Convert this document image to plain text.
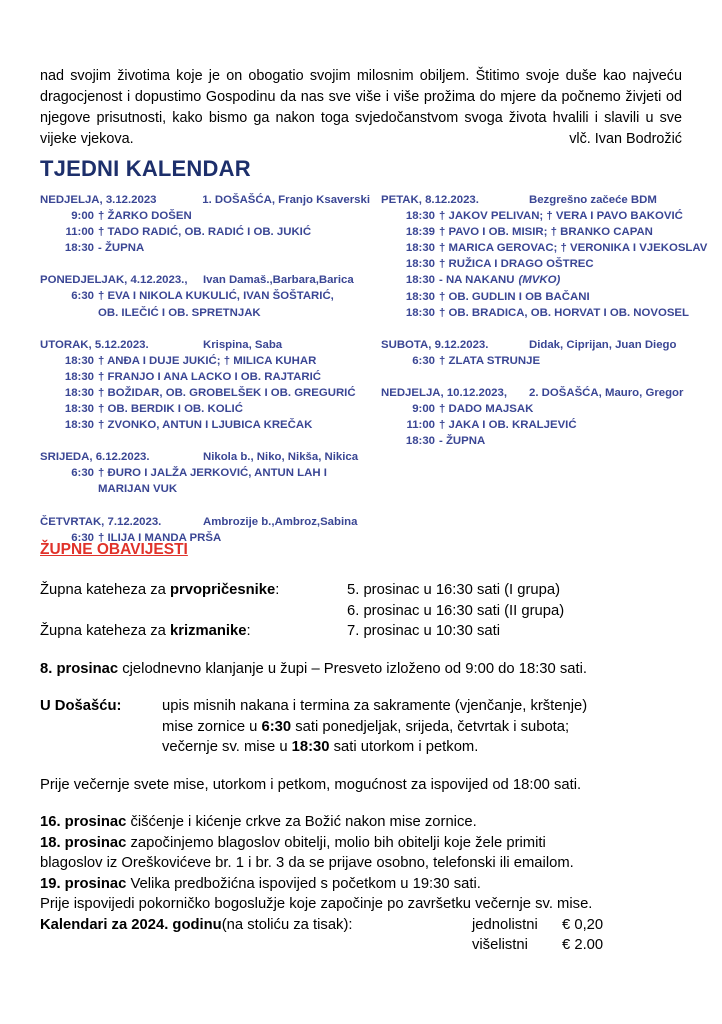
nad svojim životima koje je on obogatio svojim milosnim obiljem. Štitimo svoje duše kao najveću dragocjenost i dopustimo Gospodinu da nas sve više i više prožima do mjere da počnemo živjeti od njegove prisutnosti, kako bismo ga nakon toga svjedočanstvom svoga života hvalili i slavili u sve vijeke vjekova.	vlč. Ivan Bodrožić
TJEDNI KALENDAR
NEDJELJA, 3.12.2023	1. DOŠAŠĆA, Franjo Ksaverski
9:00 † ŽARKO DOŠEN
11:00 † TADO RADIĆ, OB. RADIĆ I OB. JUKIĆ
18:30 - ŽUPNA
PONEDJELJAK, 4.12.2023.,	Ivan Damaš.,Barbara,Barica
6:30 † EVA I NIKOLA KUKULIĆ, IVAN ŠOŠTARIĆ,
OB. ILEČIĆ I OB. SPRETNJAK
UTORAK, 5.12.2023.	Krispina, Saba
18:30 † ANĐA I DUJE JUKIĆ; † MILICA KUHAR
18:30 † FRANJO I ANA LACKO I OB. RAJTARIĆ
18:30 † BOŽIDAR, OB. GROBELŠEK I OB. GREGURIĆ
18:30 † OB. BERDIK I OB. KOLIĆ
18:30 † ZVONKO, ANTUN I LJUBICA KREČAK
SRIJEDA, 6.12.2023.	Nikola b., Niko, Nikša, Nikica
6:30 † ĐURO I JALŽA JERKOVIĆ, ANTUN LAH I
MARIJAN VUK
ČETVRTAK, 7.12.2023.	Ambrozije b.,Ambroz,Sabina
6:30 † ILIJA I MANDA PRŠA
PETAK, 8.12.2023.	Bezgrešno začeće BDM
18:30 † JAKOV PELIVAN; † VERA I PAVO BAKOVIĆ
18:39 † PAVO I OB. MISIR; † BRANKO CAPAN
18:30 † MARICA GEROVAC; † VERONIKA I VJEKOSLAV
18:30 † RUŽICA I DRAGO OŠTREC
18:30 - NA NAKANU (MVKO)
18:30 † OB. GUDLIN I OB BAČANI
18:30 † OB. BRADICA, OB. HORVAT I OB. NOVOSEL
SUBOTA, 9.12.2023.	Didak, Ciprijan, Juan Diego
6:30 † ZLATA STRUNJE
NEDJELJA, 10.12.2023,	2. DOŠAŠĆA, Mauro, Gregor
9:00 † DADO MAJSAK
11:00 † JAKA I OB. KRALJEVIĆ
18:30 - ŽUPNA
ŽUPNE OBAVIJESTI
Župna kateheza za prvopričesnike:	5. prosinac u 16:30 sati (I grupa)
6. prosinac u 16:30 sati (II grupa)
Župna kateheza za krizmanike:	7. prosinac u 10:30 sati
8. prosinac cjelodnevno klanjanje u župi – Presveto izloženo od 9:00 do 18:30 sati.
U Došašću:	upis misnih nakana i termina za sakramente (vjenčanje, krštenje)
mise zornice u 6:30 sati ponedjeljak, srijeda, četvrtak i subota;
večernje sv. mise u 18:30 sati utorkom i petkom.
Prije večernje svete mise, utorkom i petkom, mogućnost za ispovijed od 18:00 sati.
16. prosinac čišćenje i kićenje crkve za Božić nakon mise zornice.
18. prosinac započinjemo blagoslov obitelji, molio bih obitelji koje žele primiti
blagoslov iz Oreškovićeve br. 1 i br. 3 da se prijave osobno, telefonski ili emailom.
19. prosinac Velika predbožićna ispovijed s početkom u 19:30 sati.
Prije ispovijedi pokorničko bogoslužje koje započinje po završetku večernje sv. mise.
Kalendari za 2024. godinu(na stoliću za tisak):	jednolistni	€ 0,20
višelistni	€ 2.00
